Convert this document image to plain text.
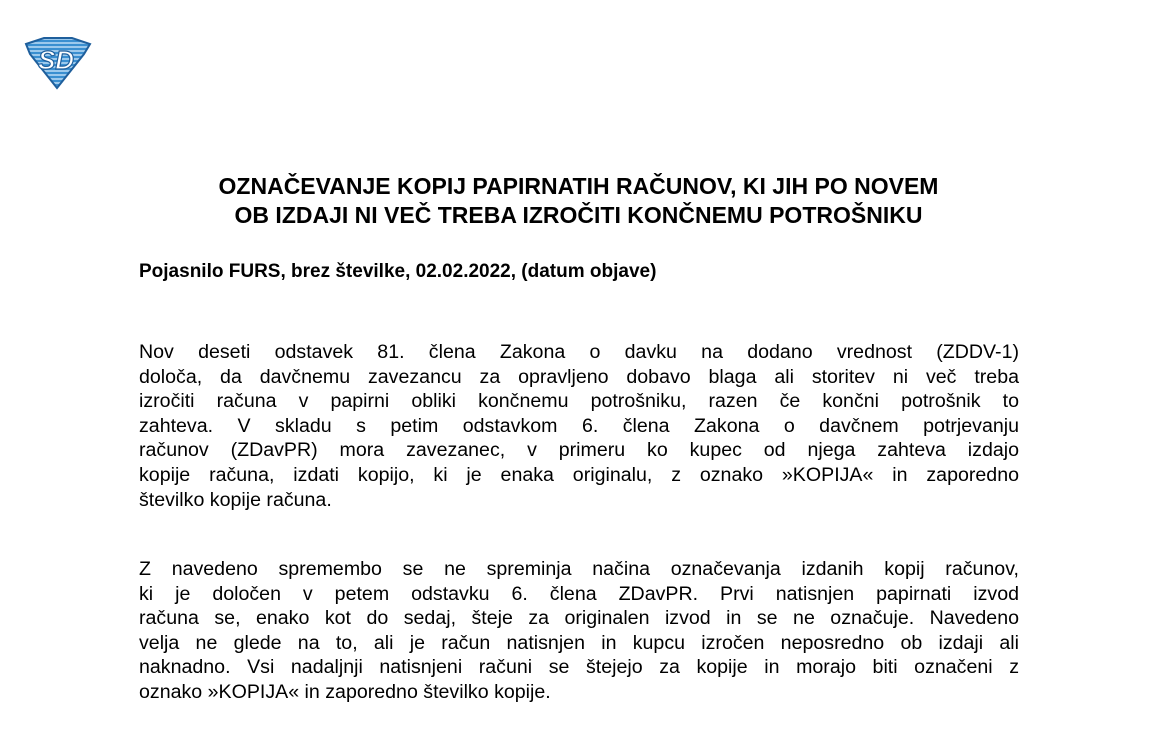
SD
OZNAČEVANJE KOPIJ PAPIRNATIH RAČUNOV, KI JIH PO NOVEM
OB IZDAJI NI VEČ TREBA IZROČITI KONČNEMU POTROŠNIKU

Pojasnilo FURS, brez številke, 02.02.2022, (datum objave)

Nov deseti odstavek 81. člena Zakona o davku na dodano vrednost (ZDDV-1)
določa, da davčnemu zavezancu za opravljeno dobavo blaga ali storitev ni več treba
izročiti računa v papirni obliki končnemu potrošniku, razen če končni potrošnik to
zahteva. V skladu s petim odstavkom 6. člena Zakona o davčnem potrjevanju
računov (ZDavPR) mora zavezanec, v primeru ko kupec od njega zahteva izdajo
kopije računa, izdati kopijo, ki je enaka originalu, z oznako »KOPIJA« in zaporedno
številko kopije računa.

Z navedeno spremembo se ne spreminja načina označevanja izdanih kopij računov,
ki je določen v petem odstavku 6. člena ZDavPR. Prvi natisnjen papirnati izvod
računa se, enako kot do sedaj, šteje za originalen izvod in se ne označuje. Navedeno
velja ne glede na to, ali je račun natisnjen in kupcu izročen neposredno ob izdaji ali
naknadno. Vsi nadaljnji natisnjeni računi se štejejo za kopije in morajo biti označeni z
oznako »KOPIJA« in zaporedno številko kopije.
